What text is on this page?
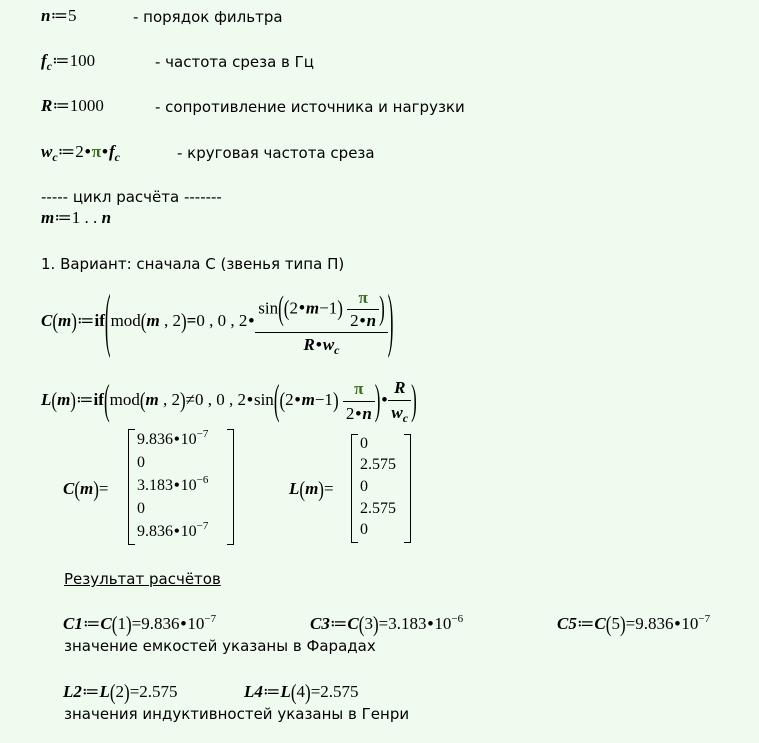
n≔5	- порядок фильтра
$f_c≔100$	- частота среза в Гц
R≔1000	- сопротивление источника и нагрузки
$w_c≔2•\pi•f_c$	- круговая частота среза
----- цикл расчёта -------
m≔1 . . n
1. Вариант: сначала С (звенья типа П)
C(m)≔if(mod(m , 2)=0 , 0 , 2• $\frac{\sin((2•m-1) \frac{\pi}{2•n} )}{R•w_c}$ )
L(m)≔if(mod(m , 2)≠0 , 0 , 2•sin((2•m−1) $\frac{\pi}{2•n}$ )• $\frac{R}{w_c}$ )
C(m)=
$9.836•10^{-7}$
0
$3.183•10^{-6}$
0
$9.836•10^{-7}$
L(m)=
0
2.575
0
2.575
0
Результат расчётов
$C1≔C(1)=9.836•10^{-7}$	$C3≔C(3)=3.183•10^{-6}$	$C5≔C(5)=9.836•10^{-7}$
значение емкостей указаны в Фарадах
L2≔L(2)=2.575	L4≔L(4)=2.575
значения индуктивностей указаны в Генри
